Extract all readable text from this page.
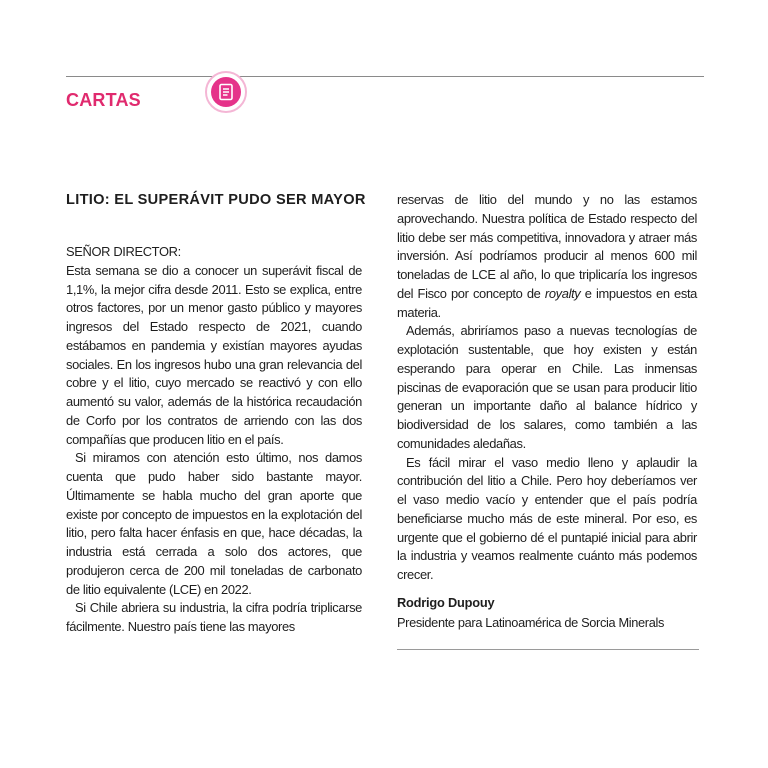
CARTAS
LITIO: EL SUPERÁVIT PUDO SER MAYOR

SEÑOR DIRECTOR:

Esta semana se dio a conocer un superávit fiscal de 1,1%, la mejor cifra desde 2011. Esto se explica, entre otros factores, por un menor gasto público y mayores ingresos del Estado respecto de 2021, cuando estábamos en pandemia y existían mayores ayudas sociales. En los ingresos hubo una gran relevancia del cobre y el litio, cuyo mercado se reactivó y con ello aumentó su valor, además de la histórica recaudación de Corfo por los contratos de arriendo con las dos compañías que producen litio en el país.

Si miramos con atención esto último, nos damos cuenta que pudo haber sido bastante mayor. Últimamente se habla mucho del gran aporte que existe por concepto de impuestos en la explotación del litio, pero falta hacer énfasis en que, hace décadas, la industria está cerrada a solo dos actores, que produjeron cerca de 200 mil toneladas de carbonato de litio equivalente (LCE) en 2022.

Si Chile abriera su industria, la cifra podría triplicarse fácilmente. Nuestro país tiene las mayores

reservas de litio del mundo y no las estamos aprovechando. Nuestra política de Estado respecto del litio debe ser más competitiva, innovadora y atraer más inversión. Así podríamos producir al menos 600 mil toneladas de LCE al año, lo que triplicaría los ingresos del Fisco por concepto de royalty e impuestos en esta materia.

Además, abriríamos paso a nuevas tecnologías de explotación sustentable, que hoy existen y están esperando para operar en Chile. Las inmensas piscinas de evaporación que se usan para producir litio generan un importante daño al balance hídrico y biodiversidad de los salares, como también a las comunidades aledañas.

Es fácil mirar el vaso medio lleno y aplaudir la contribución del litio a Chile. Pero hoy deberíamos ver el vaso medio vacío y entender que el país podría beneficiarse mucho más de este mineral. Por eso, es urgente que el gobierno dé el puntapié inicial para abrir la industria y veamos realmente cuánto más podemos crecer.

Rodrigo Dupouy
Presidente para Latinoamérica de Sorcia Minerals
